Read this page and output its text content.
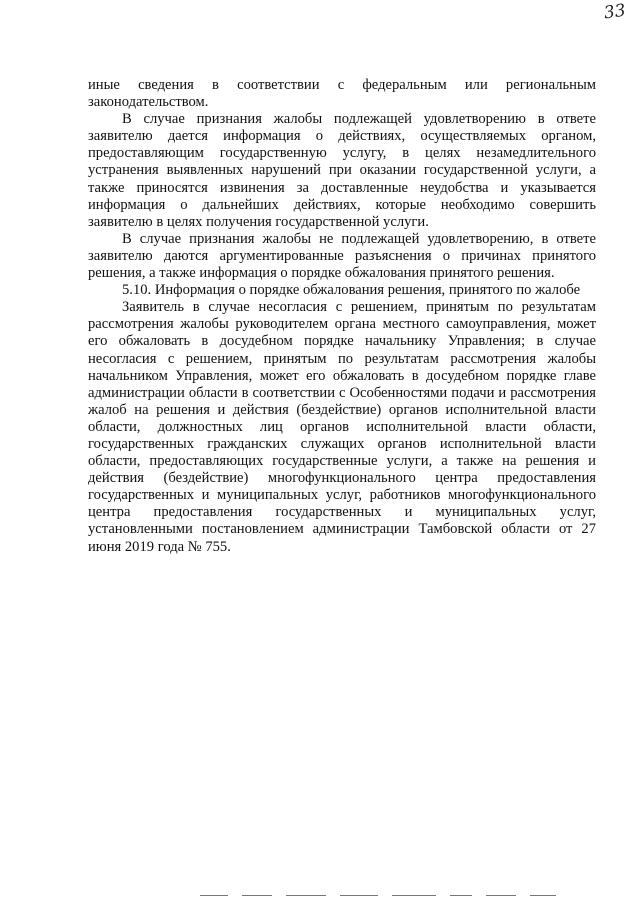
33

иные сведения в соответствии с федеральным или региональным законодательством.

В случае признания жалобы подлежащей удовлетворению в ответе заявителю дается информация о действиях, осуществляемых органом, предоставляющим государственную услугу, в целях незамедлительного устранения выявленных нарушений при оказании государственной услуги, а также приносятся извинения за доставленные неудобства и указывается информация о дальнейших действиях, которые необходимо совершить заявителю в целях получения государственной услуги.

В случае признания жалобы не подлежащей удовлетворению, в ответе заявителю даются аргументированные разъяснения о причинах принятого решения, а также информация о порядке обжалования принятого решения.

5.10. Информация о порядке обжалования решения, принятого по жалобе

Заявитель в случае несогласия с решением, принятым по результатам рассмотрения жалобы руководителем органа местного самоуправления, может его обжаловать в досудебном порядке начальнику Управления; в случае несогласия с решением, принятым по результатам рассмотрения жалобы начальником Управления, может его обжаловать в досудебном порядке главе администрации области в соответствии с Особенностями подачи и рассмотрения жалоб на решения и действия (бездействие) органов исполнительной власти области, должностных лиц органов исполнительной власти области, государственных гражданских служащих органов исполнительной власти области, предоставляющих государственные услуги, а также на решения и действия (бездействие) многофункционального центра предоставления государственных и муниципальных услуг, работников многофункционального центра предоставления государственных и муниципальных услуг, установленными постановлением администрации Тамбовской области от 27 июня 2019 года № 755.
